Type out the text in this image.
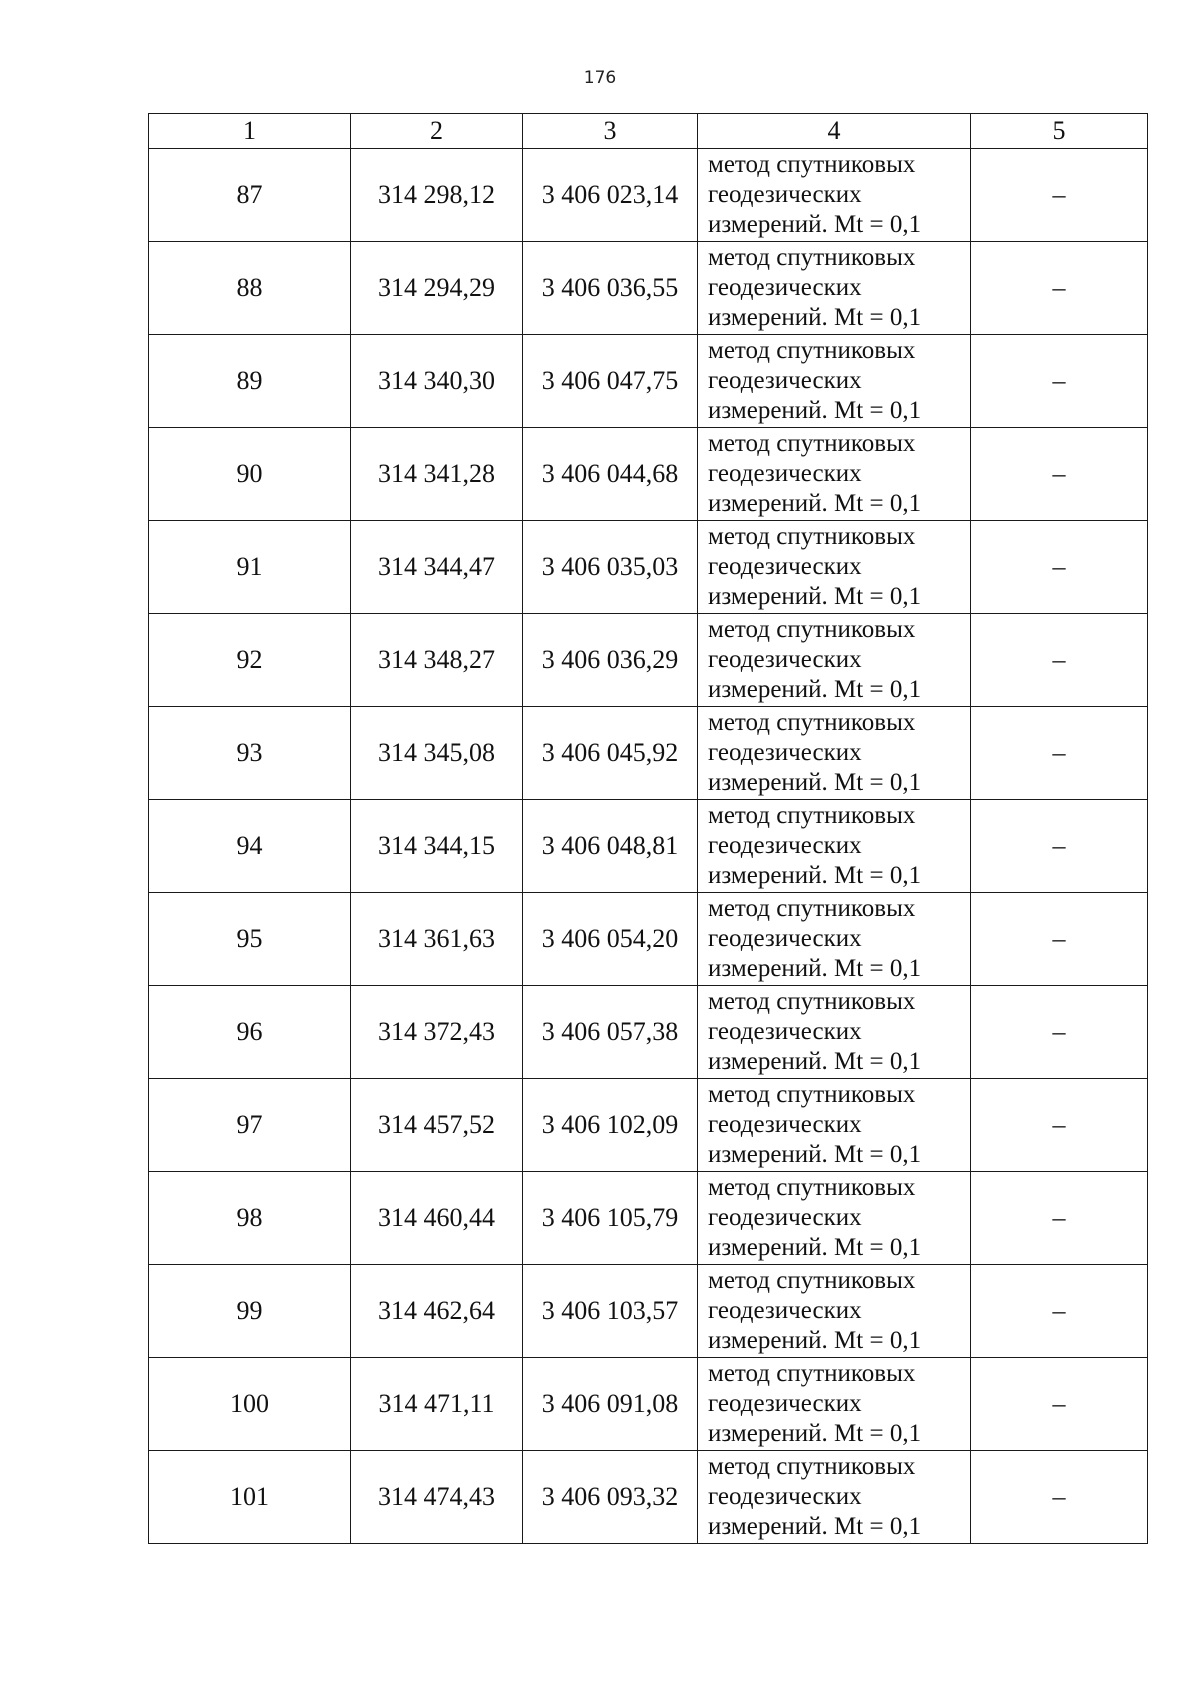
176
1	2	3	4	5
87	314 298,12	3 406 023,14	метод спутниковых
геодезических
измерений. Mt = 0,1	–
88	314 294,29	3 406 036,55	метод спутниковых
геодезических
измерений. Mt = 0,1	–
89	314 340,30	3 406 047,75	метод спутниковых
геодезических
измерений. Mt = 0,1	–
90	314 341,28	3 406 044,68	метод спутниковых
геодезических
измерений. Mt = 0,1	–
91	314 344,47	3 406 035,03	метод спутниковых
геодезических
измерений. Mt = 0,1	–
92	314 348,27	3 406 036,29	метод спутниковых
геодезических
измерений. Mt = 0,1	–
93	314 345,08	3 406 045,92	метод спутниковых
геодезических
измерений. Mt = 0,1	–
94	314 344,15	3 406 048,81	метод спутниковых
геодезических
измерений. Mt = 0,1	–
95	314 361,63	3 406 054,20	метод спутниковых
геодезических
измерений. Mt = 0,1	–
96	314 372,43	3 406 057,38	метод спутниковых
геодезических
измерений. Mt = 0,1	–
97	314 457,52	3 406 102,09	метод спутниковых
геодезических
измерений. Mt = 0,1	–
98	314 460,44	3 406 105,79	метод спутниковых
геодезических
измерений. Mt = 0,1	–
99	314 462,64	3 406 103,57	метод спутниковых
геодезических
измерений. Mt = 0,1	–
100	314 471,11	3 406 091,08	метод спутниковых
геодезических
измерений. Mt = 0,1	–
101	314 474,43	3 406 093,32	метод спутниковых
геодезических
измерений. Mt = 0,1	–
